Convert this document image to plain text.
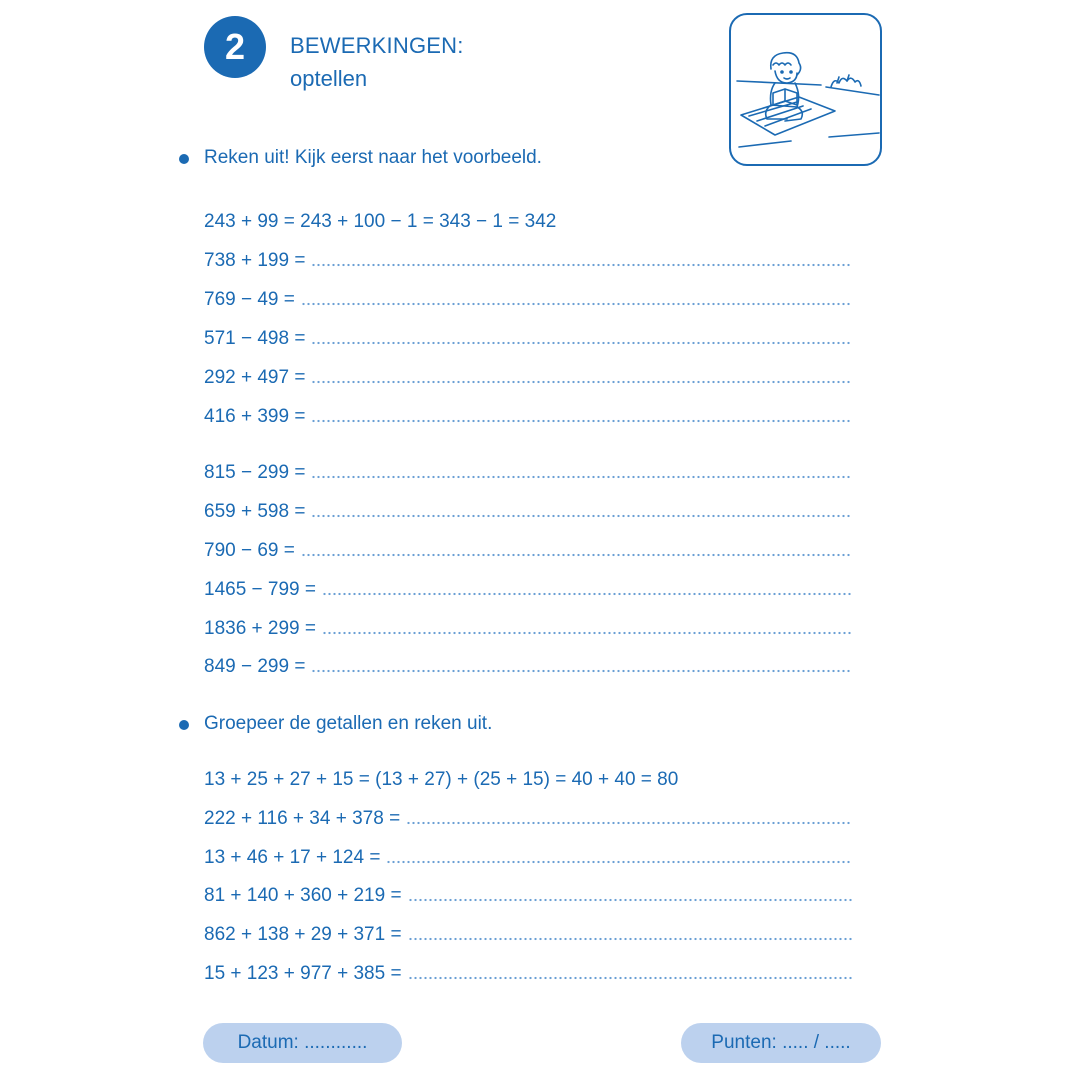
2	BEWERKINGEN:
optellen
Reken uit! Kijk eerst naar het voorbeeld.
243 + 99 = 243 + 100 − 1 = 343 − 1 = 342
738 + 199 =
769 − 49 =
571 − 498 =
292 + 497 =
416 + 399 =
815 − 299 =
659 + 598 =
790 − 69 =
1465 − 799 =
1836 + 299 =
849 − 299 =
Groepeer de getallen en reken uit.
13 + 25 + 27 + 15 = (13 + 27) + (25 + 15) = 40 + 40 = 80
222 + 116 + 34 + 378 =
13 + 46 + 17 + 124 =
81 + 140 + 360 + 219 =
862 + 138 + 29 + 371 =
15 + 123 + 977 + 385 =
Datum: ............	Punten: ..... / .....
